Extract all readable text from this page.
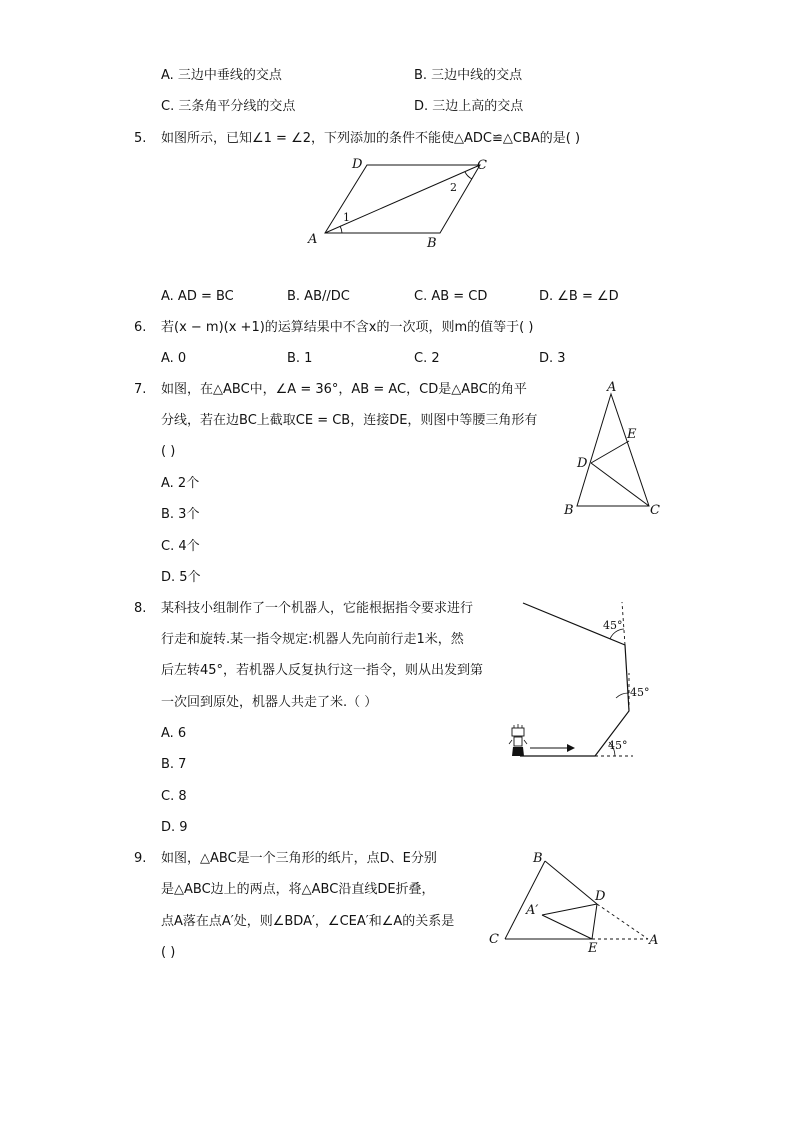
A. 三边中垂线的交点	B. 三边中线的交点
C. 三条角平分线的交点	D. 三边上高的交点
5. 如图所示，已知∠1 = ∠2，下列添加的条件不能使△ADC≌△CBA的是( )
D	C
A	B
1
2
A. AD = BC	B. AB//DC	C. AB = CD	D. ∠B = ∠D
6. 若(x − m)(x +1)的运算结果中不含x的一次项，则m的值等于( )
A. 0	B. 1	C. 2	D. 3
7. 如图，在△ABC中，∠A = 36°，AB = AC，CD是△ABC的角平
分线，若在边BC上截取CE = CB，连接DE，则图中等腰三角形有
( )
A. 2个
B. 3个
C. 4个
D. 5个
A
E
D
B	C
8. 某科技小组制作了一个机器人，它能根据指令要求进行
行走和旋转.某一指令规定:机器人先向前行走1米，然
后左转45°，若机器人反复执行这一指令，则从出发到第
一次回到原处，机器人共走了米.（ ）
A. 6
B. 7
C. 8
D. 9
45°
45°
45°
9. 如图，△ABC是一个三角形的纸片，点D、E分别
是△ABC边上的两点，将△ABC沿直线DE折叠，
点A落在点A′处，则∠BDA′，∠CEA′和∠A的关系是
( )
B
D
A′
C
E
A
